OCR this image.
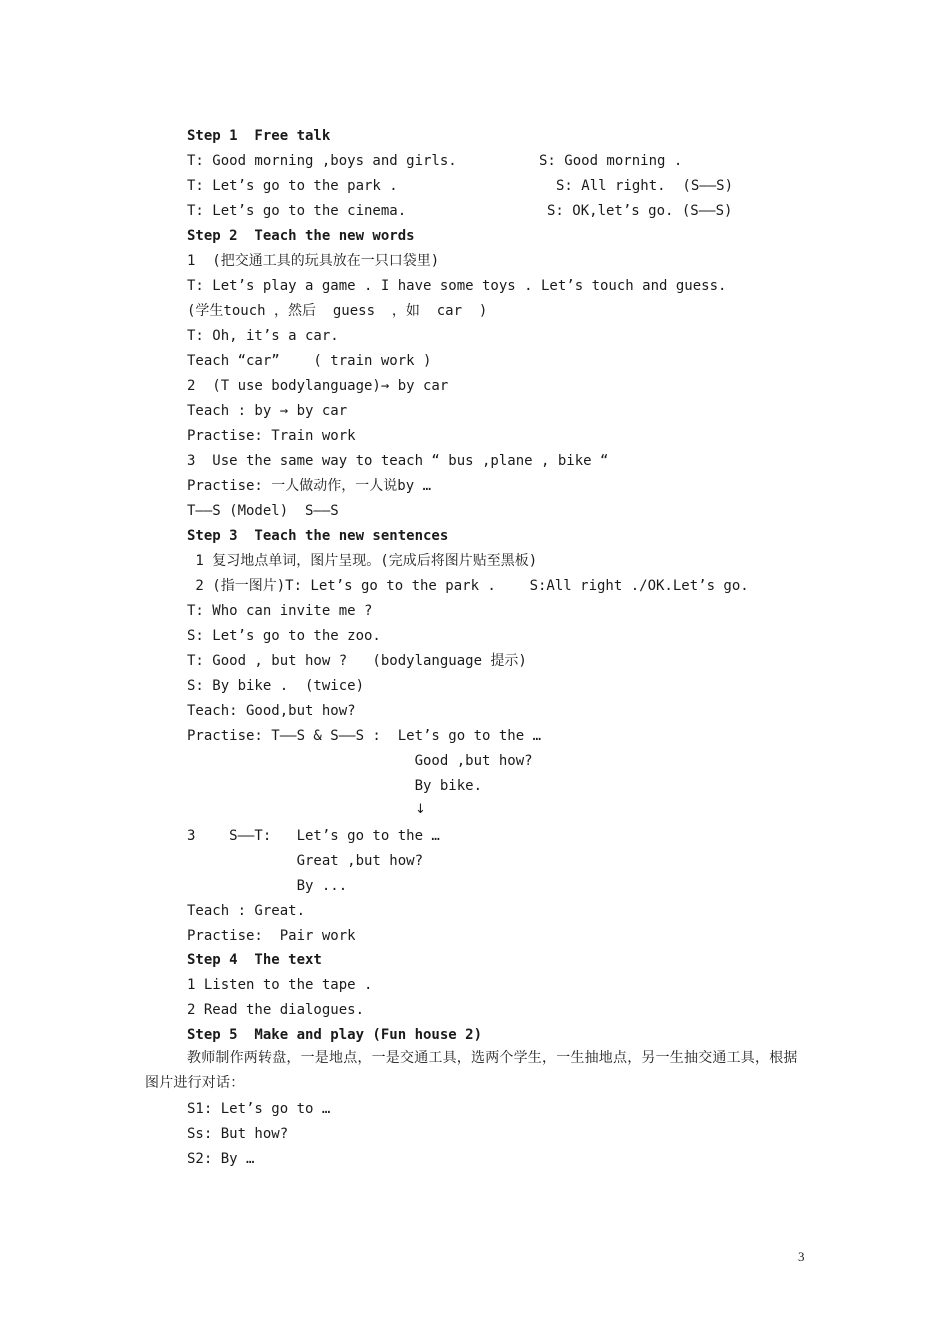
Step 1  Free talk
T: Good morning ,boys and girls.	S: Good morning .
T: Let’s go to the park .	S: All right.  (S——S)
T: Let’s go to the cinema.	S: OK,let’s go. (S——S)
Step 2  Teach the new words
1  (把交通工具的玩具放在一只口袋里)
T: Let’s play a game . I have some toys . Let’s touch and guess.
(学生touch ，然后  guess  ，如  car  )
T: Oh, it’s a car.
Teach “car”    ( train work )
2  (T use bodylanguage)→ by car
Teach : by → by car
Practise: Train work
3  Use the same way to teach “ bus ,plane , bike “
Practise: 一人做动作，一人说by …
T——S (Model)  S——S
Step 3  Teach the new sentences
1 复习地点单词，图片呈现。(完成后将图片贴至黑板)
2 (指一图片)T: Let’s go to the park .    S:All right ./OK.Let’s go.
T: Who can invite me ?
S: Let’s go to the zoo.
T: Good , but how ?   (bodylanguage 提示)
S: By bike .  (twice)
Teach: Good,but how?
Practise: T——S & S——S :  Let’s go to the …
Good ,but how?
By bike.
↓
3    S——T:   Let’s go to the …
Great ,but how?
By ...
Teach : Great.
Practise:  Pair work
Step 4  The text
1 Listen to the tape .
2 Read the dialogues.
Step 5  Make and play (Fun house 2)
教师制作两转盘，一是地点，一是交通工具，选两个学生，一生抽地点，另一生抽交通工具，根据图片进行对话：
S1: Let’s go to …
Ss: But how?
S2: By …
3
